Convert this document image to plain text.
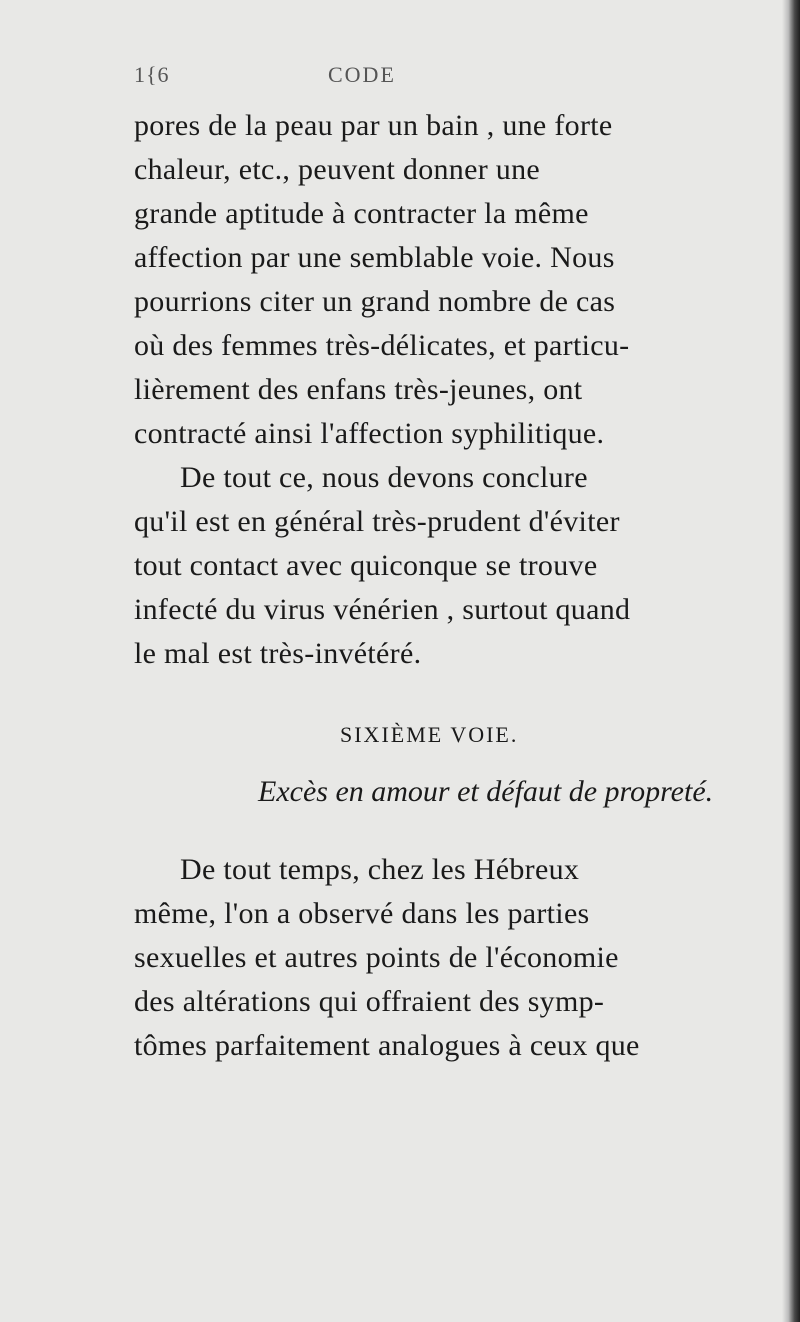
1{6	CODE
pores de la peau par un bain , une forte
chaleur, etc., peuvent donner une
grande aptitude à contracter la même
affection par une semblable voie. Nous
pourrions citer un grand nombre de cas
où des femmes très-délicates, et particu-
lièrement des enfans très-jeunes, ont
contracté ainsi l'affection syphilitique.
De tout ce, nous devons conclure
qu'il est en général très-prudent d'éviter
tout contact avec quiconque se trouve
infecté du virus vénérien , surtout quand
le mal est très-invétéré.
SIXIÈME VOIE.
Excès en amour et défaut de propreté.
De tout temps, chez les Hébreux
même, l'on a observé dans les parties
sexuelles et autres points de l'économie
des altérations qui offraient des symp-
tômes parfaitement analogues à ceux que
